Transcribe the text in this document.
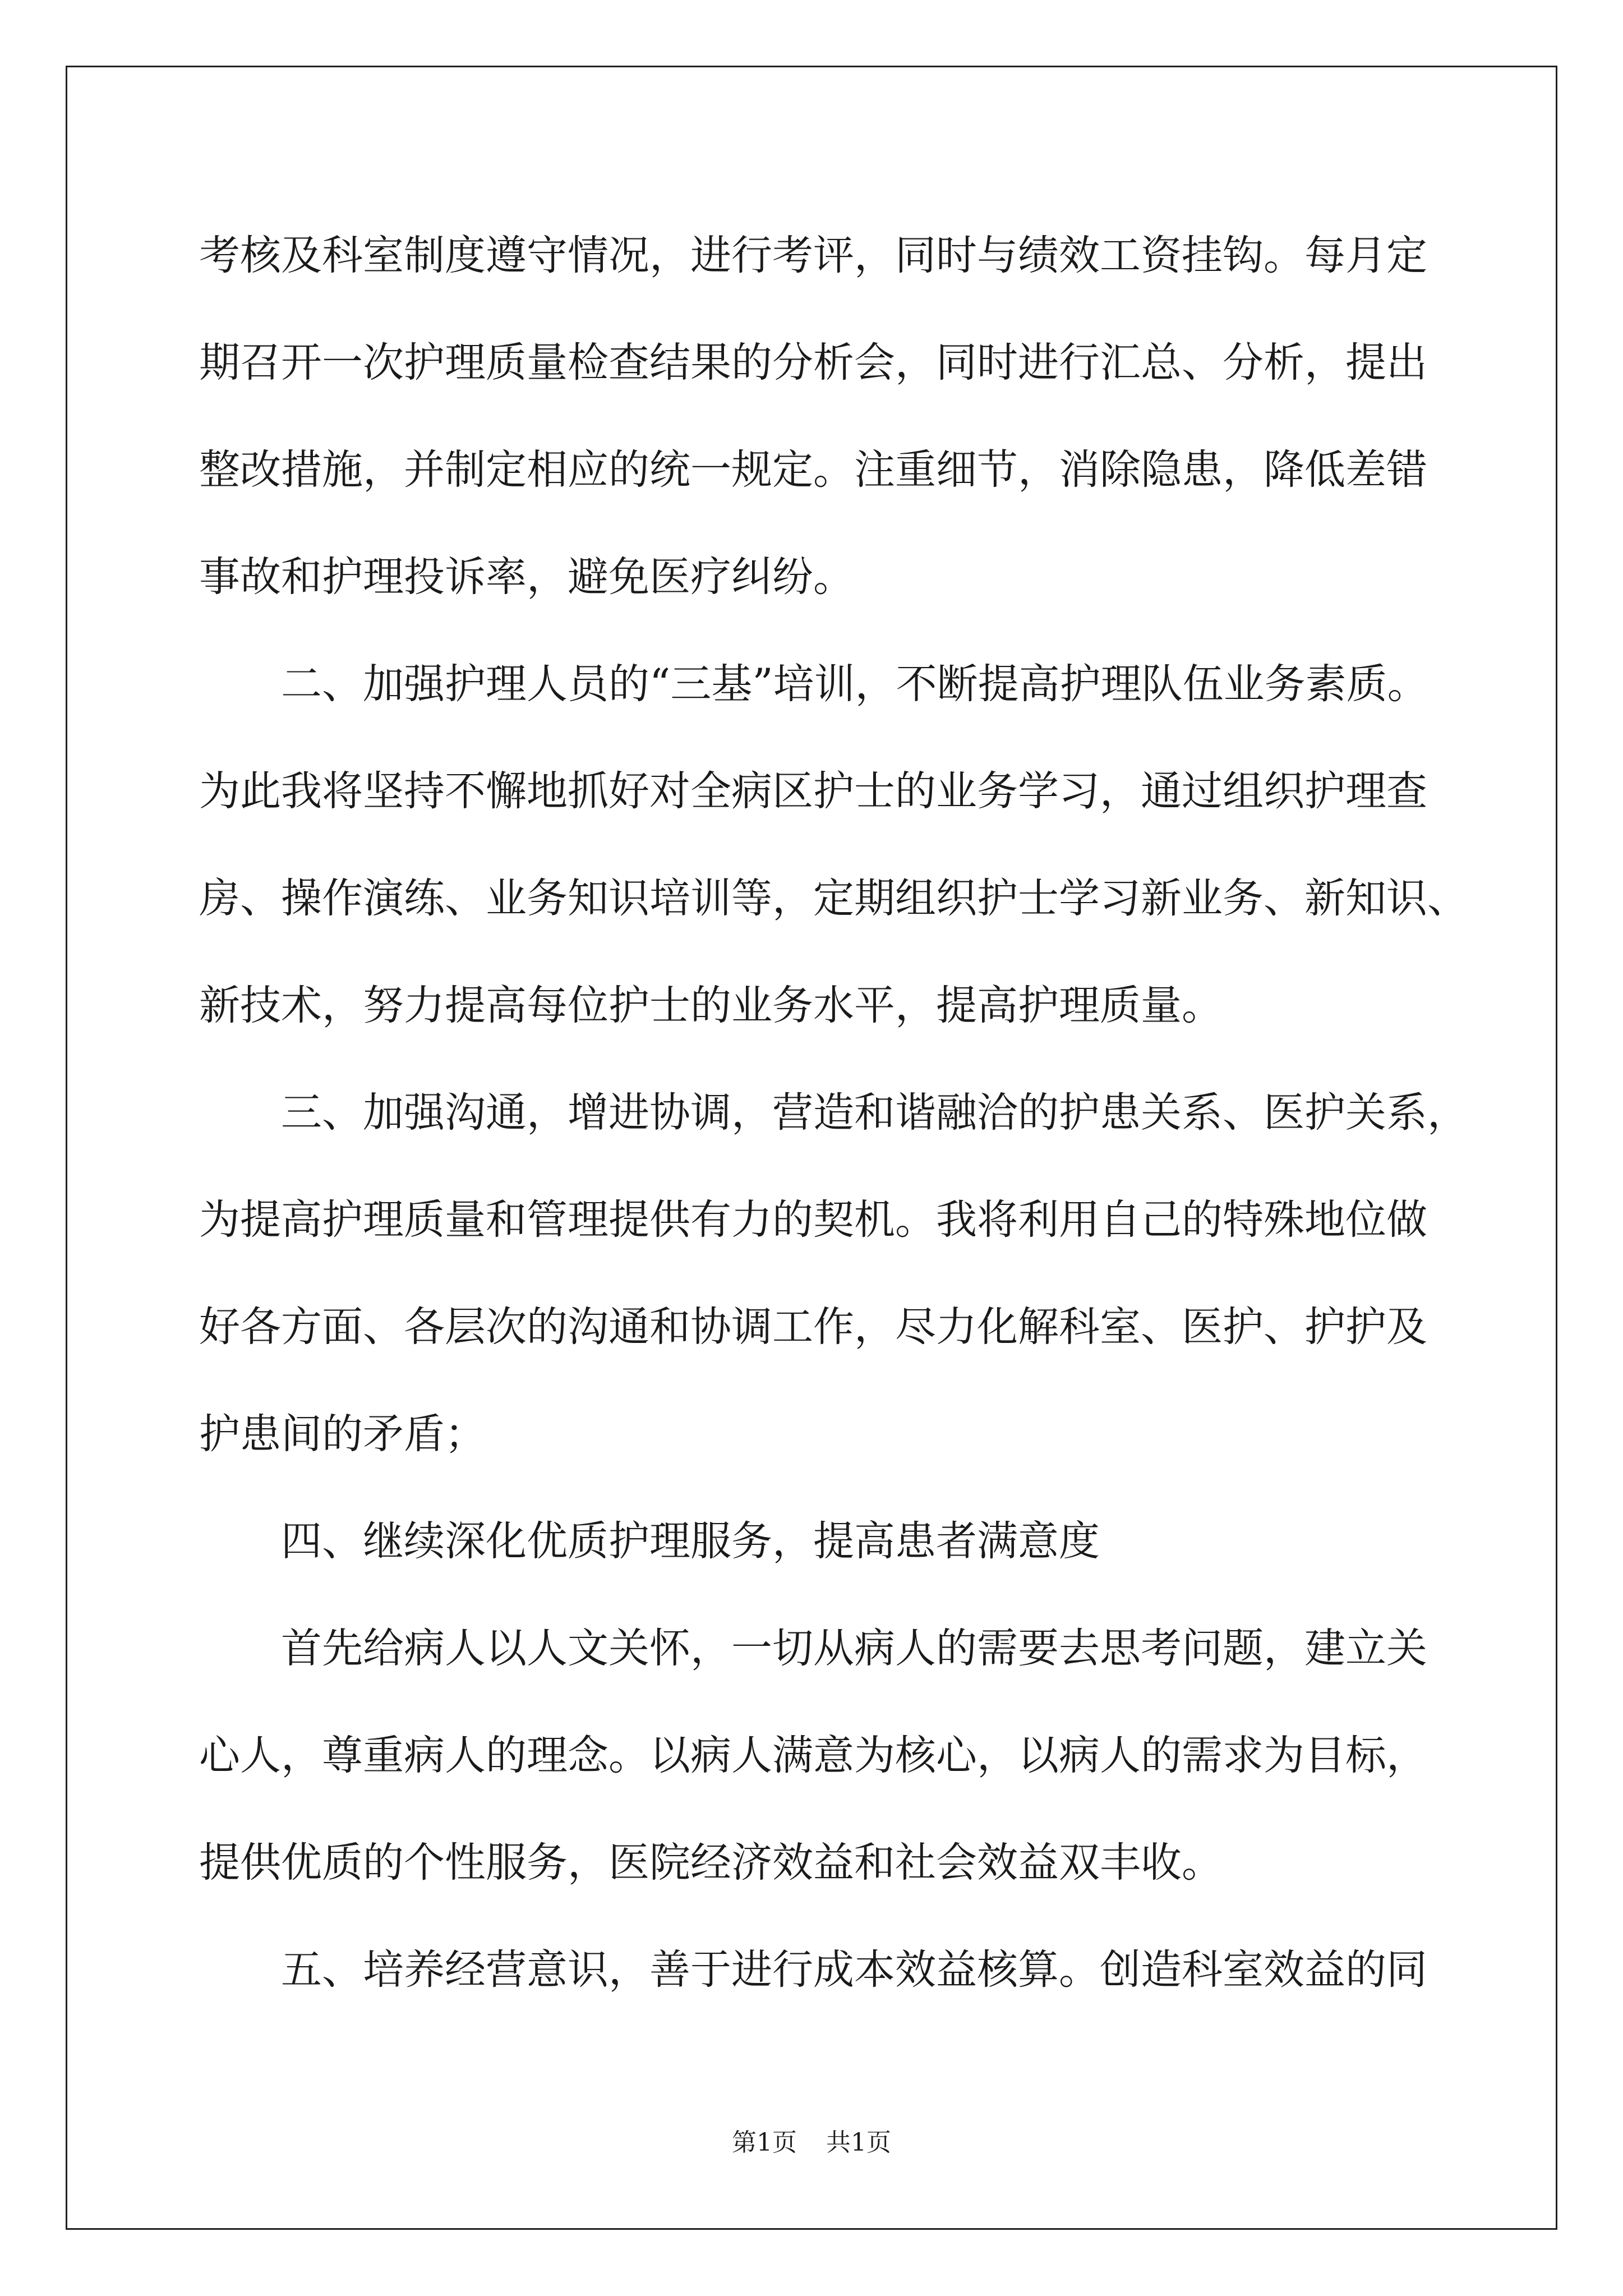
考核及科室制度遵守情况，进行考评，同时与绩效工资挂钩。每月定

期召开一次护理质量检查结果的分析会，同时进行汇总、分析，提出

整改措施，并制定相应的统一规定。注重细节，消除隐患，降低差错

事故和护理投诉率，避免医疗纠纷。

二、加强护理人员的“三基”培训，不断提高护理队伍业务素质。

为此我将坚持不懈地抓好对全病区护士的业务学习，通过组织护理查

房、操作演练、业务知识培训等，定期组织护士学习新业务、新知识、

新技术，努力提高每位护士的业务水平，提高护理质量。

三、加强沟通，增进协调，营造和谐融洽的护患关系、医护关系，

为提高护理质量和管理提供有力的契机。我将利用自己的特殊地位做

好各方面、各层次的沟通和协调工作，尽力化解科室、医护、护护及

护患间的矛盾；

四、继续深化优质护理服务，提高患者满意度

首先给病人以人文关怀，一切从病人的需要去思考问题，建立关

心人，尊重病人的理念。以病人满意为核心，以病人的需求为目标，

提供优质的个性服务，医院经济效益和社会效益双丰收。

五、培养经营意识，善于进行成本效益核算。创造科室效益的同

第1页 共1页
